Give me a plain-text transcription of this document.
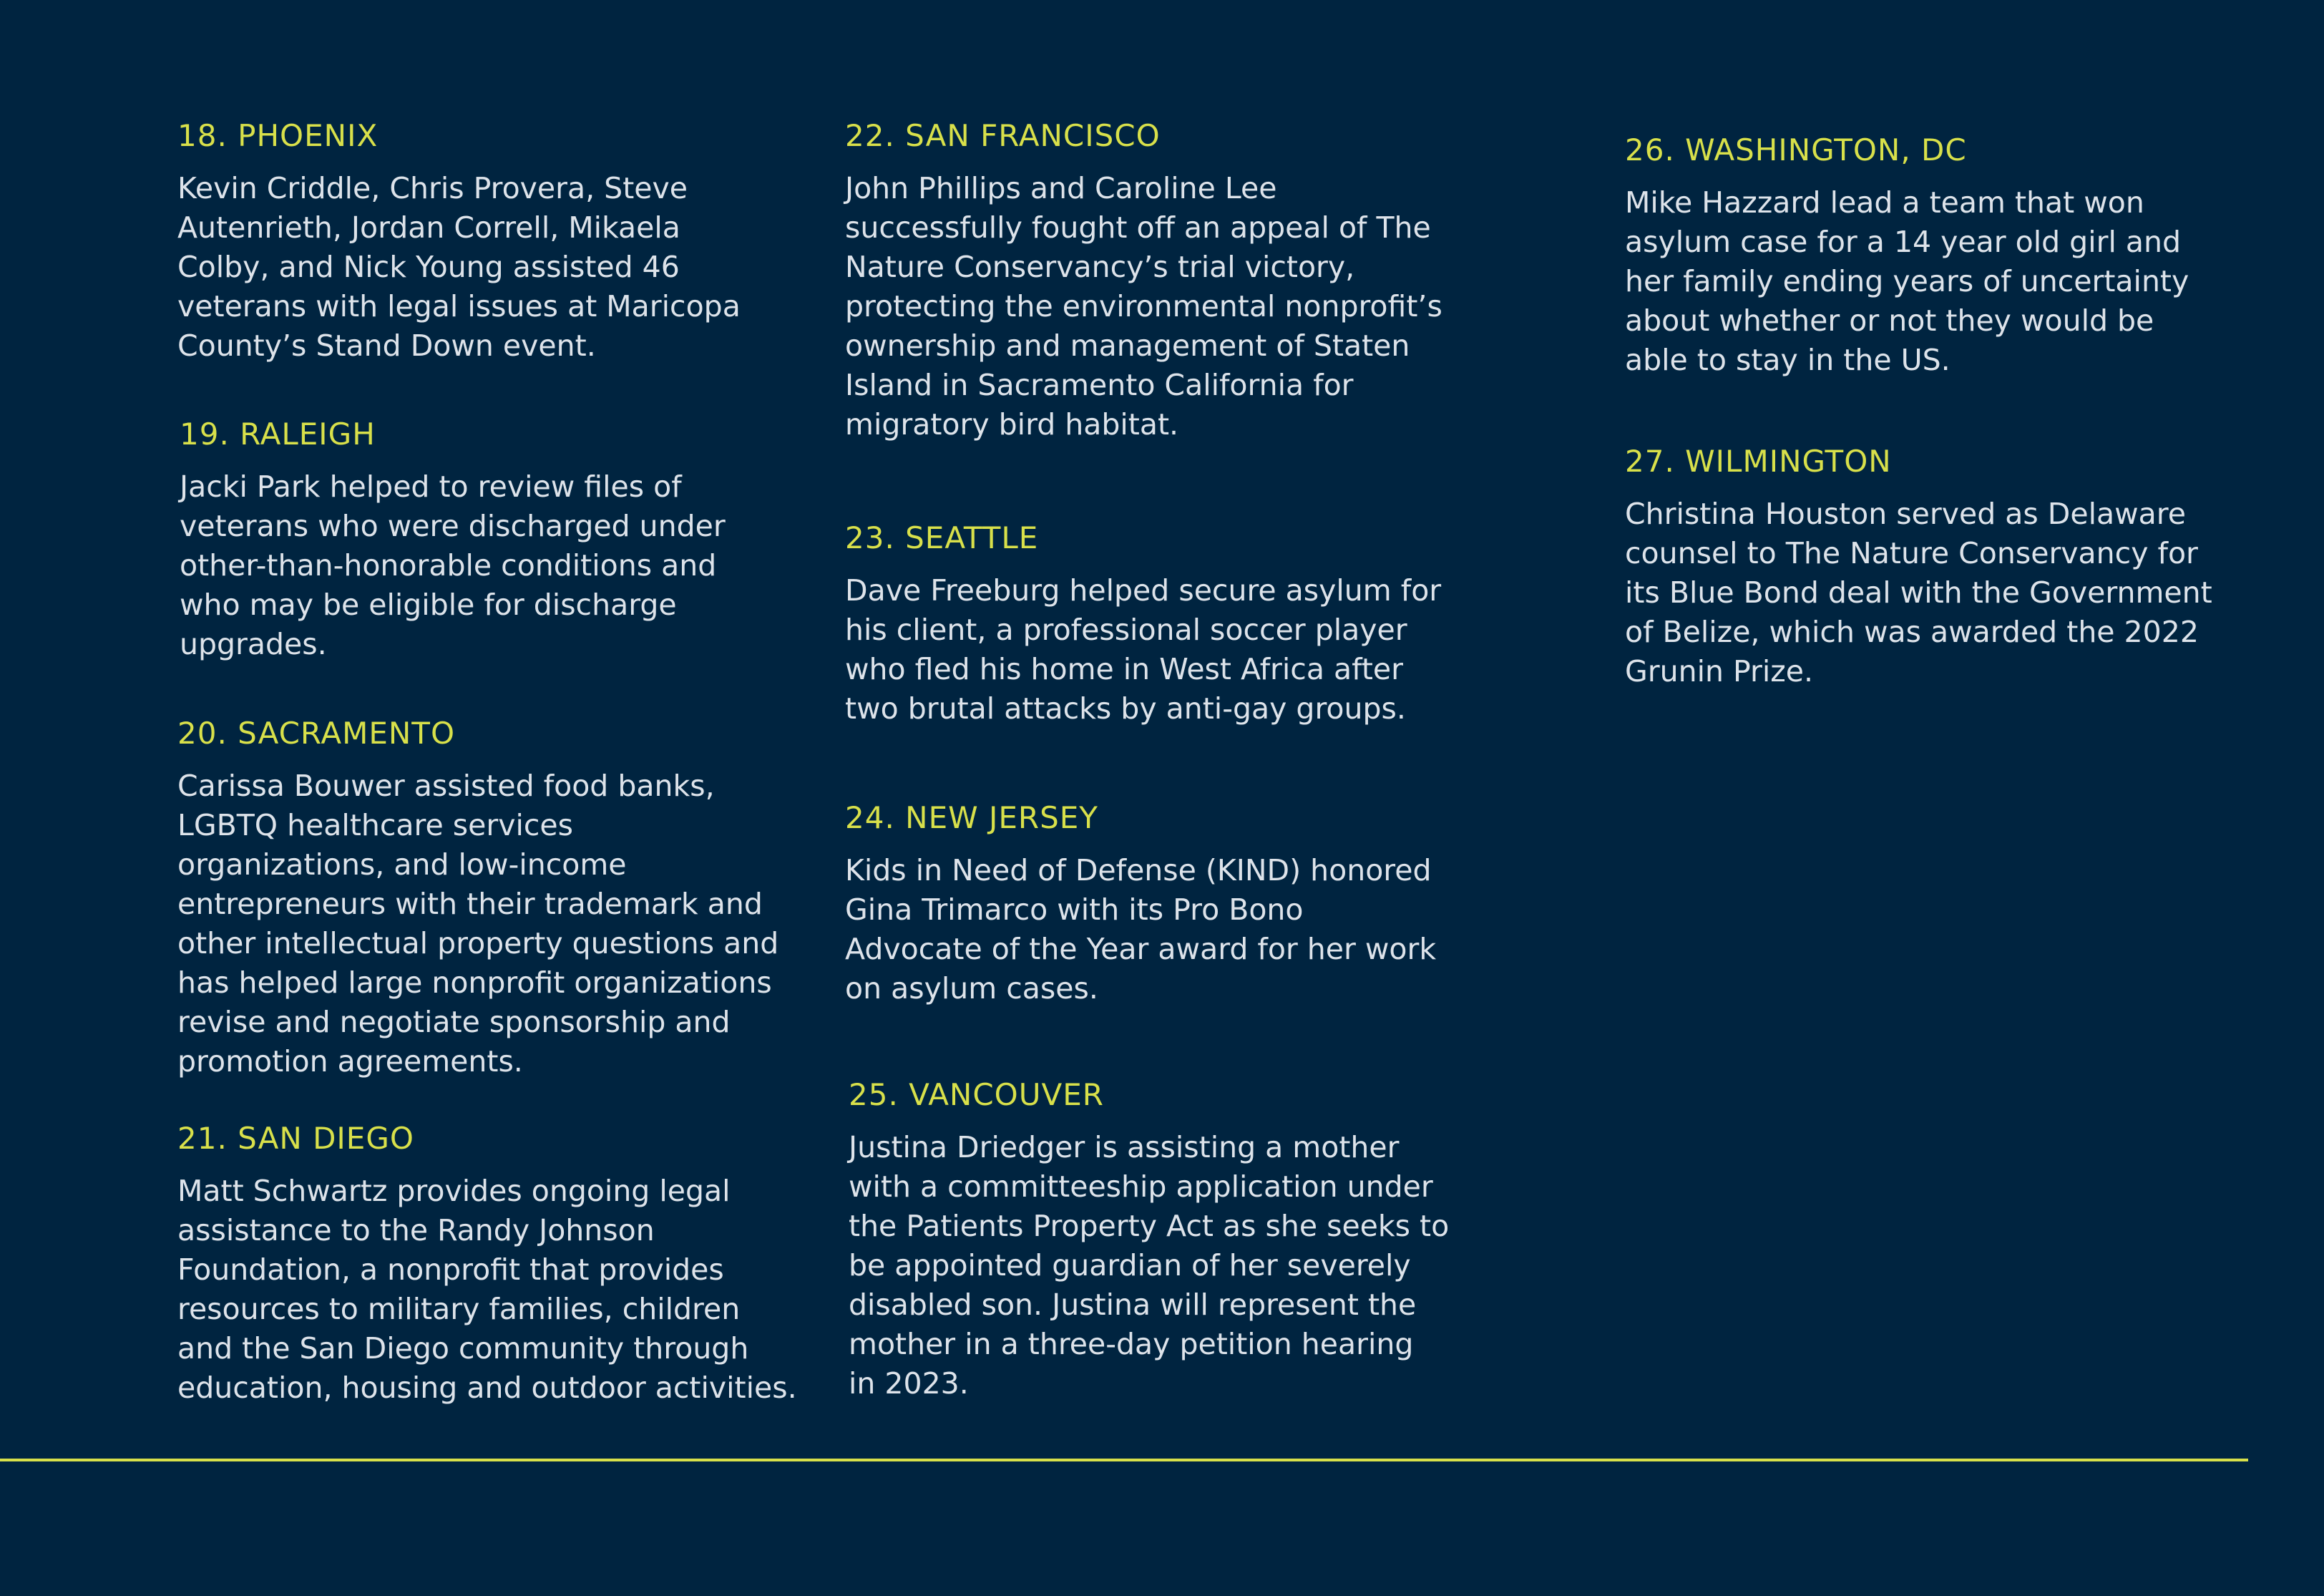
18. PHOENIX

Kevin Criddle, Chris Provera, Steve
Autenrieth, Jordan Correll, Mikaela
Colby, and Nick Young assisted 46
veterans with legal issues at Maricopa
County’s Stand Down event.

19. RALEIGH

Jacki Park helped to review files of
veterans who were discharged under
other-than-honorable conditions and
who may be eligible for discharge
upgrades.

20. SACRAMENTO

Carissa Bouwer assisted food banks,
LGBTQ healthcare services
organizations, and low-income
entrepreneurs with their trademark and
other intellectual property questions and
has helped large nonprofit organizations
revise and negotiate sponsorship and
promotion agreements.

21. SAN DIEGO

Matt Schwartz provides ongoing legal
assistance to the Randy Johnson
Foundation, a nonprofit that provides
resources to military families, children
and the San Diego community through
education, housing and outdoor activities.

22. SAN FRANCISCO

John Phillips and Caroline Lee
successfully fought off an appeal of The
Nature Conservancy’s trial victory,
protecting the environmental nonprofit’s
ownership and management of Staten
Island in Sacramento California for
migratory bird habitat.

23. SEATTLE

Dave Freeburg helped secure asylum for
his client, a professional soccer player
who fled his home in West Africa after
two brutal attacks by anti-gay groups.

24. NEW JERSEY

Kids in Need of Defense (KIND) honored
Gina Trimarco with its Pro Bono
Advocate of the Year award for her work
on asylum cases.

25. VANCOUVER

Justina Driedger is assisting a mother
with a committeeship application under
the Patients Property Act as she seeks to
be appointed guardian of her severely
disabled son. Justina will represent the
mother in a three-day petition hearing
in 2023.

26. WASHINGTON, DC

Mike Hazzard lead a team that won
asylum case for a 14 year old girl and
her family ending years of uncertainty
about whether or not they would be
able to stay in the US.

27. WILMINGTON

Christina Houston served as Delaware
counsel to The Nature Conservancy for
its Blue Bond deal with the Government
of Belize, which was awarded the 2022
Grunin Prize.
